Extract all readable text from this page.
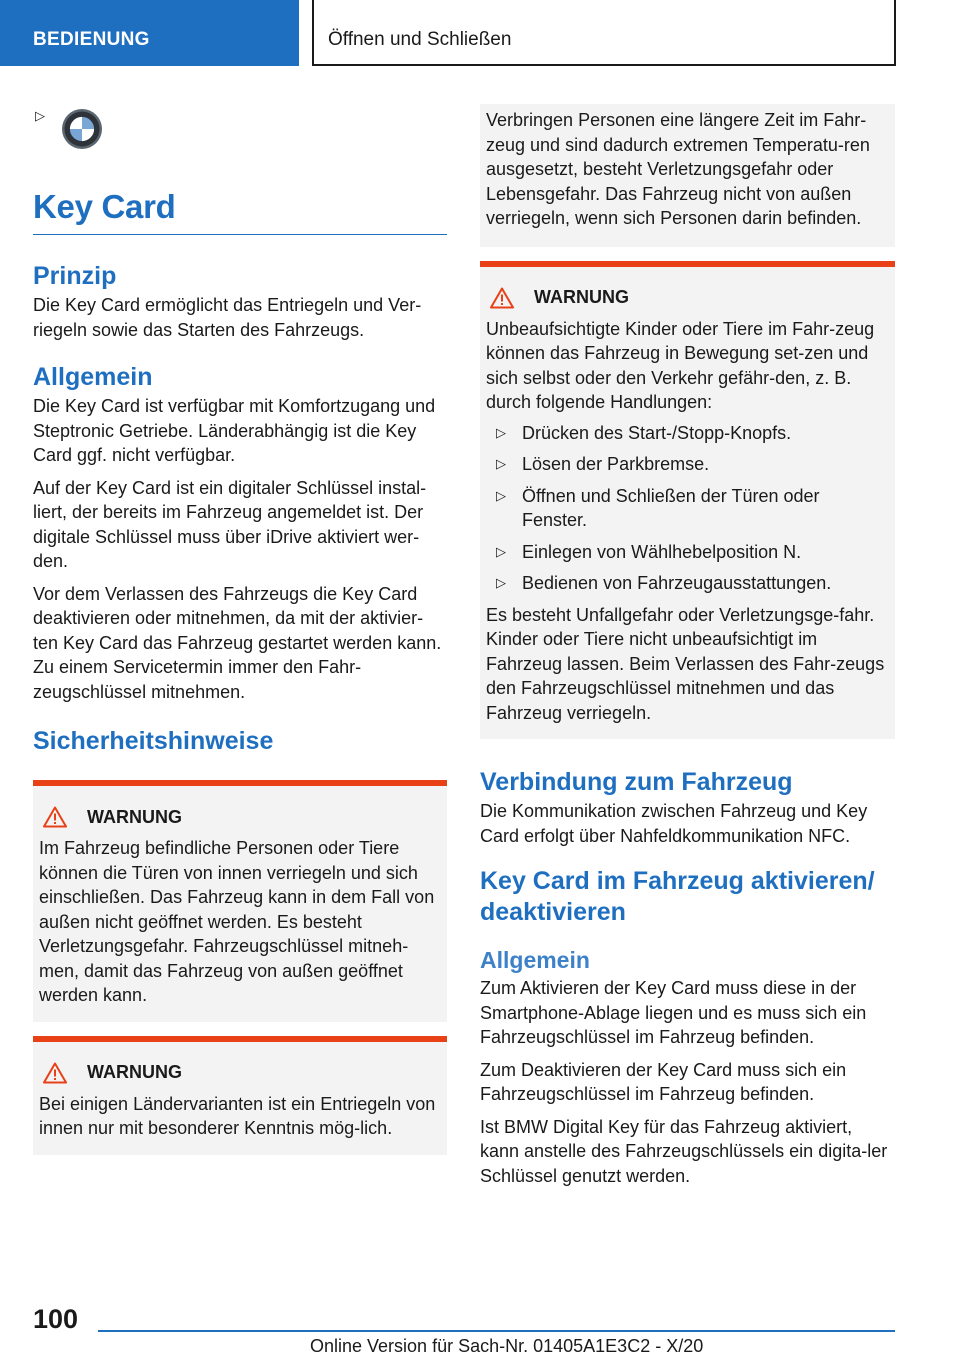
BEDIENUNG	Öffnen und Schließen
▷
Key Card
Prinzip

Die Key Card ermöglicht das Entriegeln und Ver-riegeln sowie das Starten des Fahrzeugs.

Allgemein

Die Key Card ist verfügbar mit Komfortzugang und Steptronic Getriebe. Länderabhängig ist die Key Card ggf. nicht verfügbar.

Auf der Key Card ist ein digitaler Schlüssel instal-liert, der bereits im Fahrzeug angemeldet ist. Der digitale Schlüssel muss über iDrive aktiviert wer-den.

Vor dem Verlassen des Fahrzeugs die Key Card deaktivieren oder mitnehmen, da mit der aktivier-ten Key Card das Fahrzeug gestartet werden kann. Zu einem Servicetermin immer den Fahr-zeugschlüssel mitnehmen.

Sicherheitshinweise
WARNUNG

Im Fahrzeug befindliche Personen oder Tiere können die Türen von innen verriegeln und sich einschließen. Das Fahrzeug kann in dem Fall von außen nicht geöffnet werden. Es besteht Verletzungsgefahr. Fahrzeugschlüssel mitneh-men, damit das Fahrzeug von außen geöffnet werden kann.

WARNUNG

Bei einigen Ländervarianten ist ein Entriegeln von innen nur mit besonderer Kenntnis mög-lich.

Verbringen Personen eine längere Zeit im Fahr-zeug und sind dadurch extremen Temperatu-ren ausgesetzt, besteht Verletzungsgefahr oder Lebensgefahr. Das Fahrzeug nicht von außen verriegeln, wenn sich Personen darin befinden.

WARNUNG

Unbeaufsichtigte Kinder oder Tiere im Fahr-zeug können das Fahrzeug in Bewegung set-zen und sich selbst oder den Verkehr gefähr-den, z. B. durch folgende Handlungen:

▷ Drücken des Start-/Stopp-Knopfs.
▷ Lösen der Parkbremse.
▷ Öffnen und Schließen der Türen oder Fenster.
▷ Einlegen von Wählhebelposition N.
▷ Bedienen von Fahrzeugausstattungen.

Es besteht Unfallgefahr oder Verletzungsge-fahr. Kinder oder Tiere nicht unbeaufsichtigt im Fahrzeug lassen. Beim Verlassen des Fahr-zeugs den Fahrzeugschlüssel mitnehmen und das Fahrzeug verriegeln.

Verbindung zum Fahrzeug

Die Kommunikation zwischen Fahrzeug und Key Card erfolgt über Nahfeldkommunikation NFC.

Key Card im Fahrzeug aktivieren/ deaktivieren
Allgemein

Zum Aktivieren der Key Card muss diese in der Smartphone-Ablage liegen und es muss sich ein Fahrzeugschlüssel im Fahrzeug befinden.

Zum Deaktivieren der Key Card muss sich ein Fahrzeugschlüssel im Fahrzeug befinden.

Ist BMW Digital Key für das Fahrzeug aktiviert, kann anstelle des Fahrzeugschlüssels ein digita-ler Schlüssel genutzt werden.

100
Online Version für Sach-Nr. 01405A1E3C2 - X/20
